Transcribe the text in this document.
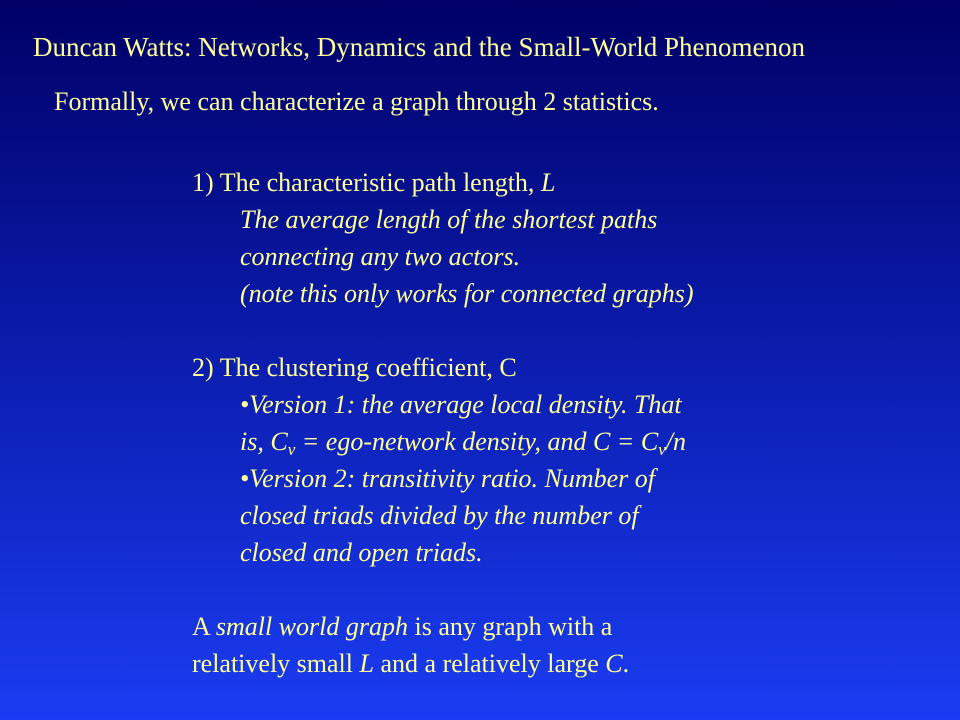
Duncan Watts: Networks, Dynamics and the Small-World Phenomenon
Formally, we can characterize a graph through 2 statistics.
1) The characteristic path length, L
The average length of the shortest paths
connecting any two actors.
(note this only works for connected graphs)
2) The clustering coefficient, C
•Version 1: the average local density. That
is, $C_v$ = ego-network density, and $C = C_v/n$
•Version 2: transitivity ratio. Number of
closed triads divided by the number of
closed and open triads.
A small world graph is any graph with a
relatively small L and a relatively large C.
